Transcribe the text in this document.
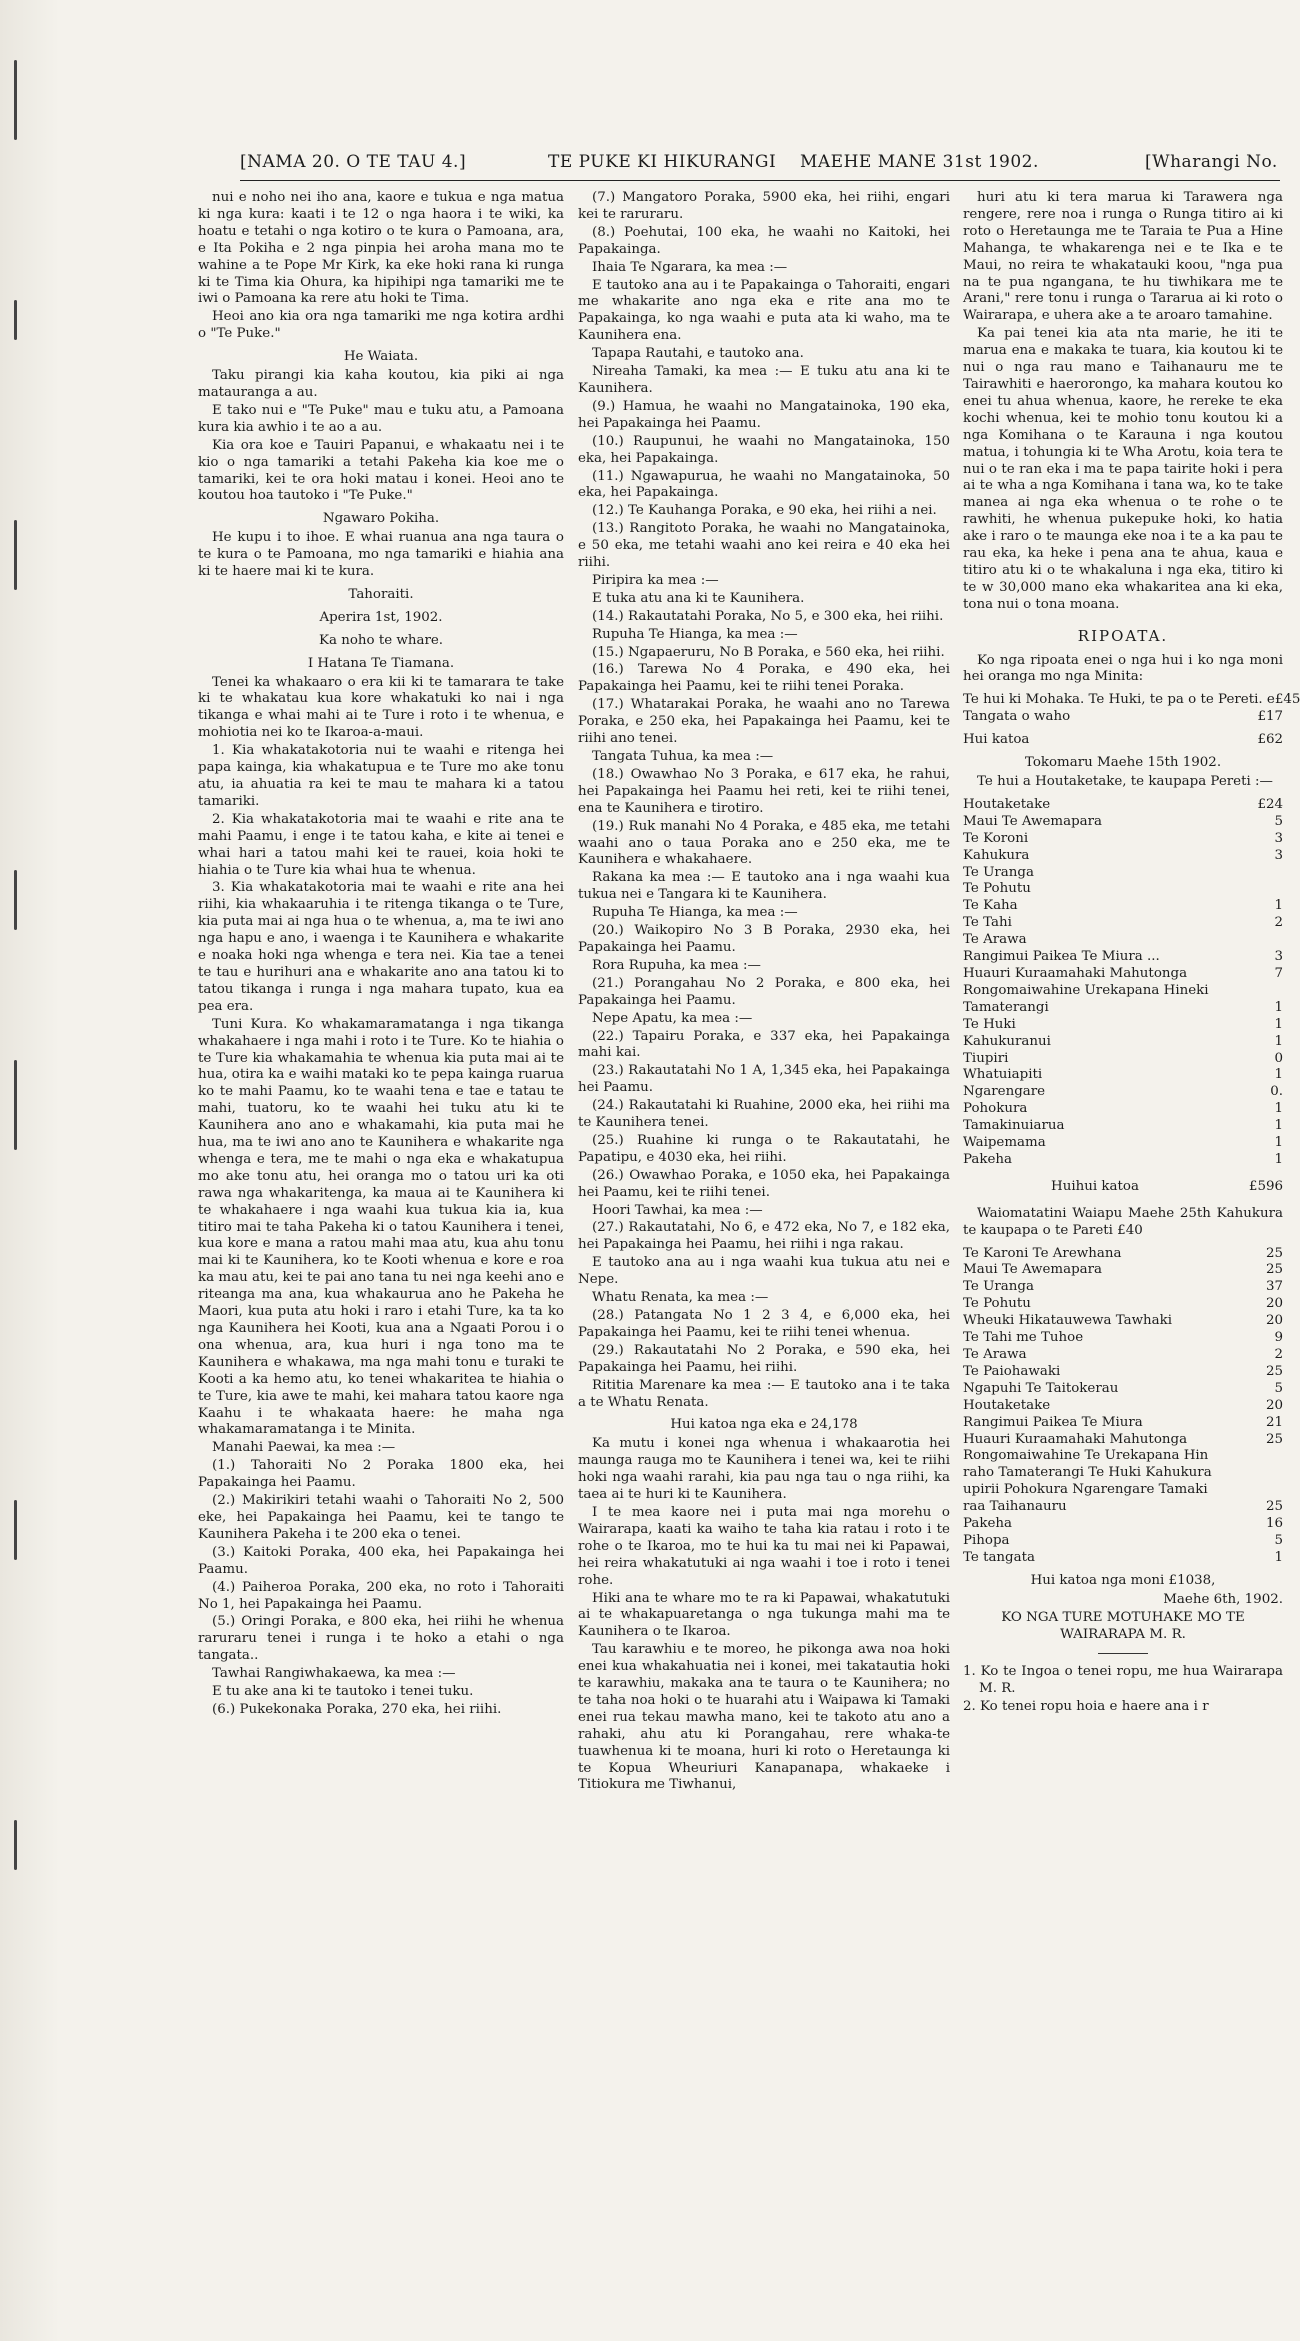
[NAMA 20. O TE TAU 4.]	TE PUKE KI HIKURANGI MAEHE MANE 31st 1902.	[Wharangi No.

nui e noho nei iho ana, kaore e tukua e nga matua ki nga kura: kaati i te 12 o nga haora i te wiki, ka hoatu e tetahi o nga kotiro o te kura o Pamoana, ara, e Ita Pokiha e 2 nga pinpia hei aroha mana mo te wahine a te Pope Mr Kirk, ka eke hoki rana ki runga ki te Tima kia Ohura, ka hipihipi nga tamariki me te iwi o Pamoana ka rere atu hoki te Tima.

Heoi ano kia ora nga tamariki me nga kotira ardhi o "Te Puke."

He Waiata.

Taku pirangi kia kaha koutou, kia piki ai nga matauranga a au.

E tako nui e "Te Puke" mau e tuku atu, a Pamoana kura kia awhio i te ao a au.

Kia ora koe e Tauiri Papanui, e whakaatu nei i te kio o nga tamariki a tetahi Pakeha kia koe me o tamariki, kei te ora hoki matau i konei. Heoi ano te koutou hoa tautoko i "Te Puke."

Ngawaro Pokiha.

He kupu i to ihoe. E whai ruanua ana nga taura o te kura o te Pamoana, mo nga tamariki e hiahia ana ki te haere mai ki te kura.

Tahoraiti.

Aperira 1st, 1902.

Ka noho te whare.

I Hatana Te Tiamana.

Tenei ka whakaaro o era kii ki te tamarara te take ki te whakatau kua kore whakatuki ko nai i nga tikanga e whai mahi ai te Ture i roto i te whenua, e mohiotia nei ko te Ikaroa-a-maui.

1. Kia whakatakotoria nui te waahi e ritenga hei papa kainga, kia whakatupua e te Ture mo ake tonu atu, ia ahuatia ra kei te mau te mahara ki a tatou tamariki.

2. Kia whakatakotoria mai te waahi e rite ana te mahi Paamu, i enge i te tatou kaha, e kite ai tenei e whai hari a tatou mahi kei te rauei, koia hoki te hiahia o te Ture kia whai hua te whenua.

3. Kia whakatakotoria mai te waahi e rite ana hei riihi, kia whakaaruhia i te ritenga tikanga o te Ture, kia puta mai ai nga hua o te whenua, a, ma te iwi ano nga hapu e ano, i waenga i te Kaunihera e whakarite e noaka hoki nga whenga e tera nei. Kia tae a tenei te tau e hurihuri ana e whakarite ano ana tatou ki to tatou tikanga i runga i nga mahara tupato, kua ea pea era.

Tuni Kura. Ko whakamaramatanga i nga tikanga whakahaere i nga mahi i roto i te Ture. Ko te hiahia o te Ture kia whakamahia te whenua kia puta mai ai te hua, otira ka e waihi mataki ko te pepa kainga ruarua ko te mahi Paamu, ko te waahi tena e tae e tatau te mahi, tuatoru, ko te waahi hei tuku atu ki te Kaunihera ano ano e whakamahi, kia puta mai he hua, ma te iwi ano ano te Kaunihera e whakarite nga whenga e tera, me te mahi o nga eka e whakatupua mo ake tonu atu, hei oranga mo o tatou uri ka oti rawa nga whakaritenga, ka maua ai te Kaunihera ki te whakahaere i nga waahi kua tukua kia ia, kua titiro mai te taha Pakeha ki o tatou Kaunihera i tenei, kua kore e mana a ratou mahi maa atu, kua ahu tonu mai ki te Kaunihera, ko te Kooti whenua e kore e roa ka mau atu, kei te pai ano tana tu nei nga keehi ano e riteanga ma ana, kua whakaurua ano he Pakeha he Maori, kua puta atu hoki i raro i etahi Ture, ka ta ko nga Kaunihera hei Kooti, kua ana a Ngaati Porou i o ona whenua, ara, kua huri i nga tono ma te Kaunihera e whakawa, ma nga mahi tonu e turaki te Kooti a ka hemo atu, ko tenei whakaritea te hiahia o te Ture, kia awe te mahi, kei mahara tatou kaore nga Kaahu i te whakaata haere: he maha nga whakamaramatanga i te Minita.

Manahi Paewai, ka mea :—

(1.) Tahoraiti No 2 Poraka 1800 eka, hei Papakainga hei Paamu.

(2.) Makirikiri tetahi waahi o Tahoraiti No 2, 500 eke, hei Papakainga hei Paamu, kei te tango te Kaunihera Pakeha i te 200 eka o tenei.

(3.) Kaitoki Poraka, 400 eka, hei Papakainga hei Paamu.

(4.) Paiheroa Poraka, 200 eka, no roto i Tahoraiti No 1, hei Papakainga hei Paamu.

(5.) Oringi Poraka, e 800 eka, hei riihi he whenua raruraru tenei i runga i te hoko a etahi o nga tangata..

Tawhai Rangiwhakaewa, ka mea :—

E tu ake ana ki te tautoko i tenei tuku.

(6.) Pukekonaka Poraka, 270 eka, hei riihi.

(7.) Mangatoro Poraka, 5900 eka, hei riihi, engari kei te raruraru.

(8.) Poehutai, 100 eka, he waahi no Kaitoki, hei Papakainga.

Ihaia Te Ngarara, ka mea :—

E tautoko ana au i te Papakainga o Tahoraiti, engari me whakarite ano nga eka e rite ana mo te Papakainga, ko nga waahi e puta ata ki waho, ma te Kaunihera ena.

Tapapa Rautahi, e tautoko ana.

Nireaha Tamaki, ka mea :— E tuku atu ana ki te Kaunihera.

(9.) Hamua, he waahi no Mangatainoka, 190 eka, hei Papakainga hei Paamu.

(10.) Raupunui, he waahi no Mangatainoka, 150 eka, hei Papakainga.

(11.) Ngawapurua, he waahi no Mangatainoka, 50 eka, hei Papakainga.

(12.) Te Kauhanga Poraka, e 90 eka, hei riihi a nei.

(13.) Rangitoto Poraka, he waahi no Mangatainoka, e 50 eka, me tetahi waahi ano kei reira e 40 eka hei riihi.

Piripira ka mea :—

E tuka atu ana ki te Kaunihera.

(14.) Rakautatahi Poraka, No 5, e 300 eka, hei riihi.

Rupuha Te Hianga, ka mea :—

(15.) Ngapaeruru, No B Poraka, e 560 eka, hei riihi.

(16.) Tarewa No 4 Poraka, e 490 eka, hei Papakainga hei Paamu, kei te riihi tenei Poraka.

(17.) Whatarakai Poraka, he waahi ano no Tarewa Poraka, e 250 eka, hei Papakainga hei Paamu, kei te riihi ano tenei.

Tangata Tuhua, ka mea :—

(18.) Owawhao No 3 Poraka, e 617 eka, he rahui, hei Papakainga hei Paamu hei reti, kei te riihi tenei, ena te Kaunihera e tirotiro.

(19.) Ruk manahi No 4 Poraka, e 485 eka, me tetahi waahi ano o taua Poraka ano e 250 eka, me te Kaunihera e whakahaere.

Rakana ka mea :— E tautoko ana i nga waahi kua tukua nei e Tangara ki te Kaunihera.

Rupuha Te Hianga, ka mea :—

(20.) Waikopiro No 3 B Poraka, 2930 eka, hei Papakainga hei Paamu.

Rora Rupuha, ka mea :—

(21.) Porangahau No 2 Poraka, e 800 eka, hei Papakainga hei Paamu.

Nepe Apatu, ka mea :—

(22.) Tapairu Poraka, e 337 eka, hei Papakainga mahi kai.

(23.) Rakautatahi No 1 A, 1,345 eka, hei Papakainga hei Paamu.

(24.) Rakautatahi ki Ruahine, 2000 eka, hei riihi ma te Kaunihera tenei.

(25.) Ruahine ki runga o te Rakautatahi, he Papatipu, e 4030 eka, hei riihi.

(26.) Owawhao Poraka, e 1050 eka, hei Papakainga hei Paamu, kei te riihi tenei.

Hoori Tawhai, ka mea :—

(27.) Rakautatahi, No 6, e 472 eka, No 7, e 182 eka, hei Papakainga hei Paamu, hei riihi i nga rakau.

E tautoko ana au i nga waahi kua tukua atu nei e Nepe.

Whatu Renata, ka mea :—

(28.) Patangata No 1 2 3 4, e 6,000 eka, hei Papakainga hei Paamu, kei te riihi tenei whenua.

(29.) Rakautatahi No 2 Poraka, e 590 eka, hei Papakainga hei Paamu, hei riihi.

Rititia Marenare ka mea :— E tautoko ana i te taka a te Whatu Renata.

Hui katoa nga eka e 24,178

Ka mutu i konei nga whenua i whakaarotia hei maunga rauga mo te Kaunihera i tenei wa, kei te riihi hoki nga waahi rarahi, kia pau nga tau o nga riihi, ka taea ai te huri ki te Kaunihera.

I te mea kaore nei i puta mai nga morehu o Wairarapa, kaati ka waiho te taha kia ratau i roto i te rohe o te Ikaroa, mo te hui ka tu mai nei ki Papawai, hei reira whakatutuki ai nga waahi i toe i roto i tenei rohe.

Hiki ana te whare mo te ra ki Papawai, whakatutuki ai te whakapuaretanga o nga tukunga mahi ma te Kaunihera o te Ikaroa.

Tau karawhiu e te moreo, he pikonga awa noa hoki enei kua whakahuatia nei i konei, mei takatautia hoki te karawhiu, makaka ana te taura o te Kaunihera; no te taha noa hoki o te huarahi atu i Waipawa ki Tamaki enei rua tekau mawha mano, kei te takoto atu ano a rahaki, ahu atu ki Porangahau, rere whaka-te tuawhenua ki te moana, huri ki roto o Heretaunga ki te Kopua Wheuriuri Kanapanapa, whakaeke i Titiokura me Tiwhanui,

huri atu ki tera marua ki Tarawera nga rengere, rere noa i runga o Runga titiro ai ki roto o Heretaunga me te Taraia te Pua a Hine Mahanga, te whakarenga nei e te Ika e te Maui, no reira te whakatauki koou, "nga pua na te pua ngangana, te hu tiwhikara me te Arani," rere tonu i runga o Tararua ai ki roto o Wairarapa, e uhera ake a te aroaro tamahine.

Ka pai tenei kia ata nta marie, he iti te marua ena e makaka te tuara, kia koutou ki te nui o nga rau mano e Taihanauru me te Tairawhiti e haerorongo, ka mahara koutou ko enei tu ahua whenua, kaore, he rereke te eka kochi whenua, kei te mohio tonu koutou ki a nga Komihana o te Karauna i nga koutou matua, i tohungia ki te Wha Arotu, koia tera te nui o te ran eka i ma te papa tairite hoki i pera ai te wha a nga Komihana i tana wa, ko te take manea ai nga eka whenua o te rohe o te rawhiti, he whenua pukepuke hoki, ko hatia ake i raro o te maunga eke noa i te a ka pau te rau eka, ka heke i pena ana te ahua, kaua e titiro atu ki o te whakaluna i nga eka, titiro ki te w 30,000 mano eka whakaritea ana ki eka, tona nui o tona moana.

RIPOATA.

Ko nga ripoata enei o nga hui i ko nga moni hei oranga mo nga Minita:

Te hui ki Mohaka. Te Huki, te pa o te Pereti. e £45
Tangata o waho	£17
Hui katoa	£62

Tokomaru Maehe 15th 1902.

Te hui a Houtaketake, te kaupapa Pereti :—

Houtaketake	£24
Maui Te Awemapara	5
Te Koroni	3
Kahukura	3
Te Uranga
Te Pohutu
Te Kaha	1
Te Tahi	2
Te Arawa
Rangimui Paikea Te Miura ...	3
Huauri Kuraamahaki Mahutonga	7
Rongomaiwahine Urekapana Hineki
Tamaterangi	1
Te Huki	1
Kahukuranui	1
Tiupiri	0
Whatuiapiti	1
Ngarengare	0.
Pohokura	1
Tamakinuiarua	1
Waipemama	1
Pakeha	1
Huihui katoa	£596

Waiomatatini Waiapu Maehe 25th Kahukura te kaupapa o te Pareti £40

Te Karoni Te Arewhana	25
Maui Te Awemapara	25
Te Uranga	37
Te Pohutu	20
Wheuki Hikatauwewa Tawhaki	20
Te Tahi me Tuhoe	9
Te Arawa	2
Te Paiohawaki	25
Ngapuhi Te Taitokerau	5
Houtaketake	20
Rangimui Paikea Te Miura	21
Huauri Kuraamahaki Mahutonga	25
Rongomaiwahine Te Urekapana Hin
raho Tamaterangi Te Huki Kahukura
upirii Pohokura Ngarengare Tamaki
raa Taihanauru	25
Pakeha	16
Pihopa	5
Te tangata	1

Hui katoa nga moni £1038,

Maehe 6th, 1902.

KO NGA TURE MOTUHAKE MO TE WAIRARAPA M. R.

1. Ko te Ingoa o tenei ropu, me hua Wairarapa M. R.

2. Ko tenei ropu hoia e haere ana i r
